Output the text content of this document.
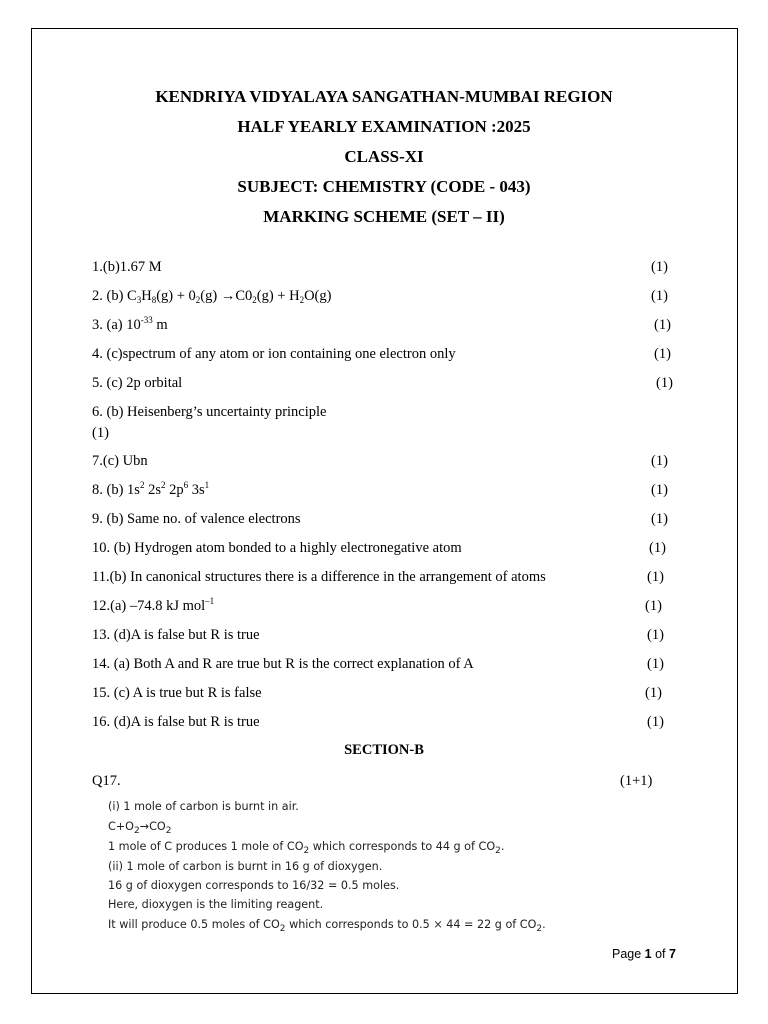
KENDRIYA VIDYALAYA SANGATHAN-MUMBAI REGION
HALF YEARLY EXAMINATION :2025
CLASS-XI
SUBJECT: CHEMISTRY (CODE - 043)
MARKING SCHEME (SET – II)
1.(b)1.67 M	(1)
2. (b) $C_3H_8(g) + 0_2(g) \to C0_2(g) + H_2O(g)$	(1)
3. (a) $10^{-33}$ m	(1)
4. (c)spectrum of any atom or ion containing one electron only	(1)
5. (c) 2p orbital	(1)
6. (b) Heisenberg’s uncertainty principle
(1)
7.(c) Ubn	(1)
8. (b) $1s^2$ $2s^2$ $2p^6$ $3s^1$	(1)
9. (b) Same no. of valence electrons	(1)
10. (b) Hydrogen atom bonded to a highly electronegative atom	(1)
11.(b) In canonical structures there is a difference in the arrangement of atoms	(1)
12.(a) –74.8 kJ mol$^{-1}$	(1)
13. (d)A is false but R is true	(1)
14. (a) Both A and R are true but R is the correct explanation of A	(1)
15. (c) A is true but R is false	(1)
16. (d)A is false but R is true	(1)
SECTION-B
Q17.	(1+1)
(i) 1 mole of carbon is burnt in air.
$C+O_2\to CO_2$
1 mole of C produces 1 mole of $CO_2$ which corresponds to 44 g of $CO_2$.
(ii) 1 mole of carbon is burnt in 16 g of dioxygen.
16 g of dioxygen corresponds to 16/32 = 0.5 moles.
Here, dioxygen is the limiting reagent.
It will produce 0.5 moles of $CO_2$ which corresponds to 0.5 × 44 = 22 g of $CO_2$.
Page 1 of 7
